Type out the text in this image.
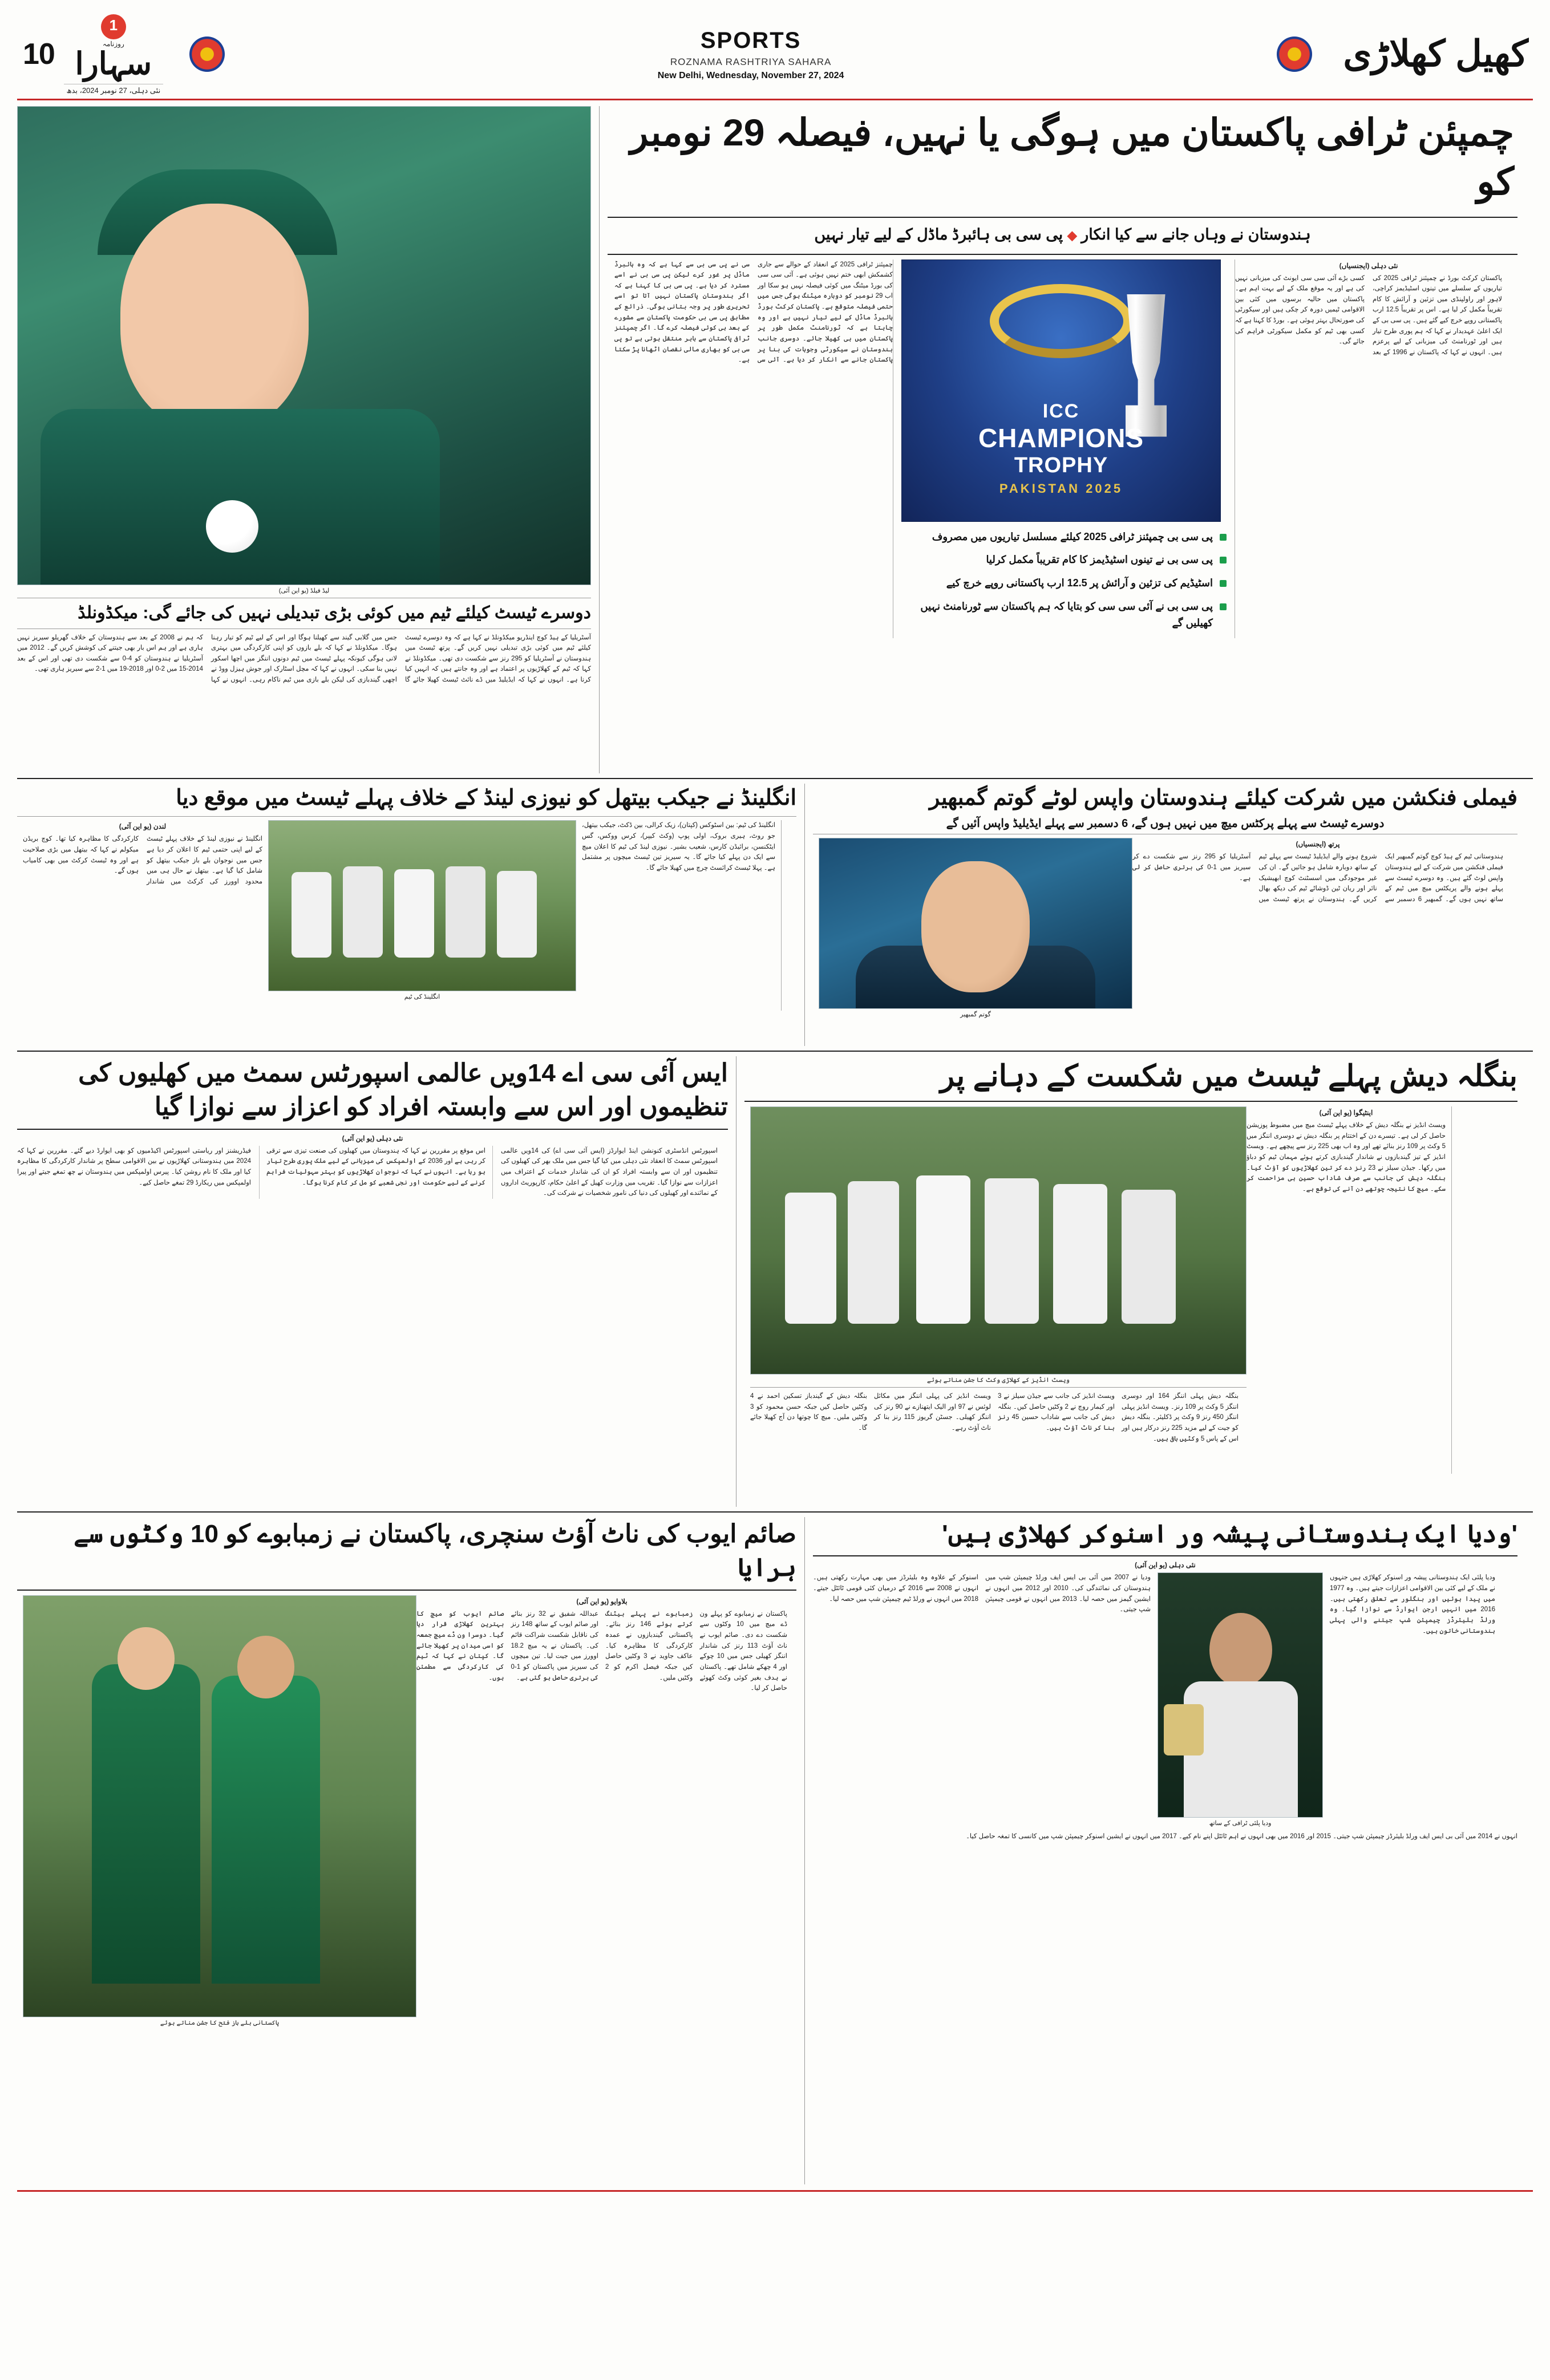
10
1	روزنامہ
سہارا
نئی دہلی، 27 نومبر 2024، بدھ
SPORTS
ROZNAMA RASHTRIYA SAHARA
New Delhi, Wednesday, November 27, 2024
کھیل کھلاڑی
لیڈ فیلڈ (یو این آئی)
دوسرے ٹیسٹ کیلئے ٹیم میں کوئی بڑی تبدیلی نہیں کی جائے گی: میکڈونلڈ
آسٹریلیا کے ہیڈ کوچ اینڈریو میکڈونلڈ نے کہا ہے کہ وہ دوسرے ٹیسٹ کیلئے ٹیم میں کوئی بڑی تبدیلی نہیں کریں گے۔ پرتھ ٹیسٹ میں ہندوستان نے آسٹریلیا کو 295 رنز سے شکست دی تھی۔ میکڈونلڈ نے کہا کہ ٹیم کے کھلاڑیوں پر اعتماد ہے اور وہ جانتے ہیں کہ انہیں کیا کرنا ہے۔ انہوں نے کہا کہ ایڈیلیڈ میں ڈے نائٹ ٹیسٹ کھیلا جائے گا جس میں گلابی گیند سے کھیلنا ہوگا اور اس کے لیے ٹیم کو تیار رہنا ہوگا۔ میکڈونلڈ نے کہا کہ بلے بازوں کو اپنی کارکردگی میں بہتری لانی ہوگی کیونکہ پہلے ٹیسٹ میں ٹیم دونوں اننگز میں اچھا اسکور نہیں بنا سکی۔ انہوں نے کہا کہ مچل اسٹارک اور جوش ہیزل ووڈ نے اچھی گیندبازی کی لیکن بلے بازی میں ٹیم ناکام رہی۔ انہوں نے کہا کہ ہم نے 2008 کے بعد سے ہندوستان کے خلاف گھریلو سیریز نہیں ہاری ہے اور ہم اس بار بھی جیتنے کی کوشش کریں گے۔ 2012 میں آسٹریلیا نے ہندوستان کو 4-0 سے شکست دی تھی اور اس کے بعد 2014-15 میں 2-0 اور 2018-19 میں 1-2 سے سیریز ہاری تھی۔
چمپئن ٹرافی پاکستان میں ہوگی یا نہیں، فیصلہ 29 نومبر کو
ہندوستان نے وہاں جانے سے کیا انکار ◆ پی سی بی ہائبرڈ ماڈل کے لیے تیار نہیں
چمپئنز ٹرافی 2025 کے انعقاد کے حوالے سے جاری کشمکش ابھی ختم نہیں ہوئی ہے۔ آئی سی سی کی بورڈ میٹنگ میں کوئی فیصلہ نہیں ہو سکا اور اب 29 نومبر کو دوبارہ میٹنگ ہوگی جس میں حتمی فیصلہ متوقع ہے۔ پاکستان کرکٹ بورڈ ہائبرڈ ماڈل کے لیے تیار نہیں ہے اور وہ چاہتا ہے کہ ٹورنامنٹ مکمل طور پر پاکستان میں ہی کھیلا جائے۔ دوسری جانب ہندوستان نے سیکورٹی وجوہات کی بنا پر پاکستان جانے سے انکار کر دیا ہے۔ آئی سی سی نے پی سی بی سے کہا ہے کہ وہ ہائبرڈ ماڈل پر غور کرے لیکن پی سی بی نے اسے مسترد کر دیا ہے۔ پی سی بی کا کہنا ہے کہ اگر ہندوستان پاکستان نہیں آتا تو اسے تحریری طور پر وجہ بتانی ہوگی۔ ذرائع کے مطابق پی سی بی حکومت پاکستان سے مشورے کے بعد ہی کوئی فیصلہ کرے گا۔ اگر چمپئنز ٹرافی پاکستان سے باہر منتقل ہوتی ہے تو پی سی بی کو بھاری مالی نقصان اٹھانا پڑ سکتا ہے۔
ICC
CHAMPIONS
TROPHY
PAKISTAN 2025
پی سی بی چمپئنز ٹرافی 2025 کیلئے مسلسل تیاریوں میں مصروف
پی سی بی نے تینوں اسٹیڈیمز کا کام تقریباً مکمل کرلیا
اسٹیڈیم کی تزئین و آرائش پر 12.5 ارب پاکستانی روپے خرچ کیے
پی سی بی نے آئی سی سی کو بتایا کہ ہم پاکستان سے ٹورنامنٹ نہیں کھیلیں گے
نئی دہلی (ایجنسیاں)
پاکستان کرکٹ بورڈ نے چمپئنز ٹرافی 2025 کی تیاریوں کے سلسلے میں تینوں اسٹیڈیمز کراچی، لاہور اور راولپنڈی میں تزئین و آرائش کا کام تقریباً مکمل کر لیا ہے۔ اس پر تقریباً 12.5 ارب پاکستانی روپے خرچ کیے گئے ہیں۔ پی سی بی کے ایک اعلیٰ عہدیدار نے کہا کہ ہم پوری طرح تیار ہیں اور ٹورنامنٹ کی میزبانی کے لیے پرعزم ہیں۔ انہوں نے کہا کہ پاکستان نے 1996 کے بعد کسی بڑے آئی سی سی ایونٹ کی میزبانی نہیں کی ہے اور یہ موقع ملک کے لیے بہت اہم ہے۔ پاکستان میں حالیہ برسوں میں کئی بین الاقوامی ٹیمیں دورہ کر چکی ہیں اور سیکورٹی کی صورتحال بہتر ہوئی ہے۔ بورڈ کا کہنا ہے کہ کسی بھی ٹیم کو مکمل سیکورٹی فراہم کی جائے گی۔
انگلینڈ نے جیکب بیتھل کو نیوزی لینڈ کے خلاف پہلے ٹیسٹ میں موقع دیا
لندن (یو این آئی)
انگلینڈ نے نیوزی لینڈ کے خلاف پہلے ٹیسٹ کے لیے اپنی حتمی ٹیم کا اعلان کر دیا ہے جس میں نوجوان بلے باز جیکب بیتھل کو شامل کیا گیا ہے۔ بیتھل نے حال ہی میں محدود اوورز کی کرکٹ میں شاندار کارکردگی کا مظاہرہ کیا تھا۔ کوچ بریڈن میکولم نے کہا کہ بیتھل میں بڑی صلاحیت ہے اور وہ ٹیسٹ کرکٹ میں بھی کامیاب ہوں گے۔
انگلینڈ کی ٹیم
انگلینڈ کی ٹیم: بین اسٹوکس (کپتان)، زیک کرالی، بین ڈکٹ، جیکب بیتھل، جو روٹ، ہیری بروک، اولی پوپ (وکٹ کیپر)، کرس ووکس، گس ایٹکنسن، برائیڈن کارس، شعیب بشیر۔ نیوزی لینڈ کی ٹیم کا اعلان میچ سے ایک دن پہلے کیا جائے گا۔ یہ سیریز تین ٹیسٹ میچوں پر مشتمل ہے۔ پہلا ٹیسٹ کرائسٹ چرچ میں کھیلا جائے گا۔
فیملی فنکشن میں شرکت کیلئے ہندوستان واپس لوٹے گوتم گمبھیر
دوسرے ٹیسٹ سے پہلے پرکٹس میچ میں نہیں ہوں گے، 6 دسمبر سے پہلے ایڈیلیڈ واپس آئیں گے
گوتم گمبھیر
پرتھ (ایجنسیاں)
ہندوستانی ٹیم کے ہیڈ کوچ گوتم گمبھیر ایک فیملی فنکشن میں شرکت کے لیے ہندوستان واپس لوٹ گئے ہیں۔ وہ دوسرے ٹیسٹ سے پہلے ہونے والے پریکٹس میچ میں ٹیم کے ساتھ نہیں ہوں گے۔ گمبھیر 6 دسمبر سے شروع ہونے والے ایڈیلیڈ ٹیسٹ سے پہلے ٹیم کے ساتھ دوبارہ شامل ہو جائیں گے۔ ان کی غیر موجودگی میں اسسٹنٹ کوچ ابھیشیک نائر اور ریان ٹین ڈوشاٹے ٹیم کی دیکھ بھال کریں گے۔ ہندوستان نے پرتھ ٹیسٹ میں آسٹریلیا کو 295 رنز سے شکست دے کر سیریز میں 1-0 کی برتری حاصل کر لی ہے۔
ایس آئی سی اے 14ویں عالمی اسپورٹس سمٹ میں کھلیوں کی تنظیموں اور اس سے وابستہ افراد کو اعزاز سے نوازا گیا
نئی دہلی (یو این آئی)
فیڈریشنز اور ریاستی اسپورٹس اکیڈمیوں کو بھی ایوارڈ دیے گئے۔ مقررین نے کہا کہ 2024 میں ہندوستانی کھلاڑیوں نے بین الاقوامی سطح پر شاندار کارکردگی کا مظاہرہ کیا اور ملک کا نام روشن کیا۔ پیرس اولمپکس میں ہندوستان نے چھ تمغے جیتے اور پیرا اولمپکس میں ریکارڈ 29 تمغے حاصل کیے۔
اس موقع پر مقررین نے کہا کہ ہندوستان میں کھیلوں کی صنعت تیزی سے ترقی کر رہی ہے اور 2036 کے اولمپکس کی میزبانی کے لیے ملک پوری طرح تیار ہو رہا ہے۔ انہوں نے کہا کہ نوجوان کھلاڑیوں کو بہتر سہولیات فراہم کرنے کے لیے حکومت اور نجی شعبے کو مل کر کام کرنا ہوگا۔
اسپورٹس انڈسٹری کنونشن اینڈ ایوارڈز (ایس آئی سی اے) کی 14ویں عالمی اسپورٹس سمٹ کا انعقاد نئی دہلی میں کیا گیا جس میں ملک بھر کی کھیلوں کی تنظیموں اور ان سے وابستہ افراد کو ان کی شاندار خدمات کے اعتراف میں اعزازات سے نوازا گیا۔ تقریب میں وزارت کھیل کے اعلیٰ حکام، کارپوریٹ اداروں کے نمائندے اور کھیلوں کی دنیا کی نامور شخصیات نے شرکت کی۔
بنگلہ دیش پہلے ٹیسٹ میں شکست کے دہانے پر
ویسٹ انڈیز کے کھلاڑی وکٹ کا جشن مناتے ہوئے
بنگلہ دیش کے گیندباز تسکین احمد نے 4 وکٹیں حاصل کیں جبکہ حسن محمود کو 3 وکٹیں ملیں۔ میچ کا چوتھا دن آج کھیلا جائے گا۔
ویسٹ انڈیز کی پہلی اننگز میں مکائل لوئس نے 97 اور الیک ایتھنازے نے 90 رنز کی اننگز کھیلی۔ جسٹن گریوز 115 رنز بنا کر ناٹ آؤٹ رہے۔
ویسٹ انڈیز کی جانب سے جیڈن سیلز نے 3 اور کیمار روچ نے 2 وکٹیں حاصل کیں۔ بنگلہ دیش کی جانب سے شاداب حسین 45 رنز بنا کر ناٹ آؤٹ ہیں۔
بنگلہ دیش پہلی اننگز 164 اور دوسری اننگز 5 وکٹ پر 109 رنز۔ ویسٹ انڈیز پہلی اننگز 450 رنز 9 وکٹ پر ڈکلیئر۔ بنگلہ دیش کو جیت کے لیے مزید 225 رنز درکار ہیں اور اس کے پاس 5 وکٹیں باقی ہیں۔
اینٹیگوا (یو این آئی)
ویسٹ انڈیز نے بنگلہ دیش کے خلاف پہلے ٹیسٹ میچ میں مضبوط پوزیشن حاصل کر لی ہے۔ تیسرے دن کے اختتام پر بنگلہ دیش نے دوسری اننگز میں 5 وکٹ پر 109 رنز بنائے تھے اور وہ اب بھی 225 رنز سے پیچھے ہے۔ ویسٹ انڈیز کے تیز گیندبازوں نے شاندار گیندبازی کرتے ہوئے مہمان ٹیم کو دباؤ میں رکھا۔ جیڈن سیلز نے 23 رنز دے کر تین کھلاڑیوں کو آؤٹ کیا۔ بنگلہ دیش کی جانب سے صرف شاداب حسین ہی مزاحمت کر سکے۔ میچ کا نتیجہ چوتھے دن آنے کی توقع ہے۔
صائم ایوب کی ناٹ آؤٹ سنچری، پاکستان نے زمبابوے کو 10 وکٹوں سے ہرایا
پاکستانی بلے باز فتح کا جشن مناتے ہوئے
بلاوایو (یو این آئی)
صائم ایوب کو میچ کا بہترین کھلاڑی قرار دیا گیا۔ دوسرا ون ڈے میچ جمعہ کو اسی میدان پر کھیلا جائے گا۔ کپتان نے کہا کہ ٹیم کی کارکردگی سے مطمئن ہوں۔
عبداللہ شفیق نے 32 رنز بنائے اور صائم ایوب کے ساتھ 148 رنز کی ناقابل شکست شراکت قائم کی۔ پاکستان نے یہ میچ 18.2 اوورز میں جیت لیا۔ تین میچوں کی سیریز میں پاکستان کو 1-0 کی برتری حاصل ہو گئی ہے۔
زمبابوے نے پہلے بیٹنگ کرتے ہوئے 146 رنز بنائے۔ پاکستانی گیندبازوں نے عمدہ کارکردگی کا مظاہرہ کیا۔ عاکف جاوید نے 3 وکٹیں حاصل کیں جبکہ فیصل اکرم کو 2 وکٹیں ملیں۔
پاکستان نے زمبابوے کو پہلے ون ڈے میچ میں 10 وکٹوں سے شکست دے دی۔ صائم ایوب نے ناٹ آؤٹ 113 رنز کی شاندار اننگز کھیلی جس میں 10 چوکے اور 4 چھکے شامل تھے۔ پاکستان نے ہدف بغیر کوئی وکٹ کھوئے حاصل کر لیا۔
'ودیا ایک ہندوستانی پیشہ ور اسنوکر کھلاڑی ہیں'
نئی دہلی (یو این آئی)
اسنوکر کے علاوہ وہ بلیئرڈز میں بھی مہارت رکھتی ہیں۔ انہوں نے 2008 سے 2016 کے درمیان کئی قومی ٹائٹل جیتے۔ 2018 میں انہوں نے ورلڈ ٹیم چیمپئن شپ میں حصہ لیا۔
ودیا نے 2007 میں آئی بی ایس ایف ورلڈ چیمپئن شپ میں ہندوستان کی نمائندگی کی۔ 2010 اور 2012 میں انہوں نے ایشین گیمز میں حصہ لیا۔ 2013 میں انہوں نے قومی چیمپئن شپ جیتی۔
ودیا پلئی ٹرافی کے ساتھ
ودیا پلئی ایک ہندوستانی پیشہ ور اسنوکر کھلاڑی ہیں جنہوں نے ملک کے لیے کئی بین الاقوامی اعزازات جیتے ہیں۔ وہ 1977 میں پیدا ہوئیں اور بنگلور سے تعلق رکھتی ہیں۔ 2016 میں انہیں ارجن ایوارڈ سے نوازا گیا۔ وہ ورلڈ بلیئرڈز چیمپئن شپ جیتنے والی پہلی ہندوستانی خاتون ہیں۔
انہوں نے 2014 میں آئی بی ایس ایف ورلڈ بلیئرڈز چیمپئن شپ جیتی۔ 2015 اور 2016 میں بھی انہوں نے اہم ٹائٹل اپنے نام کیے۔ 2017 میں انہوں نے ایشین اسنوکر چیمپئن شپ میں کانسی کا تمغہ حاصل کیا۔
